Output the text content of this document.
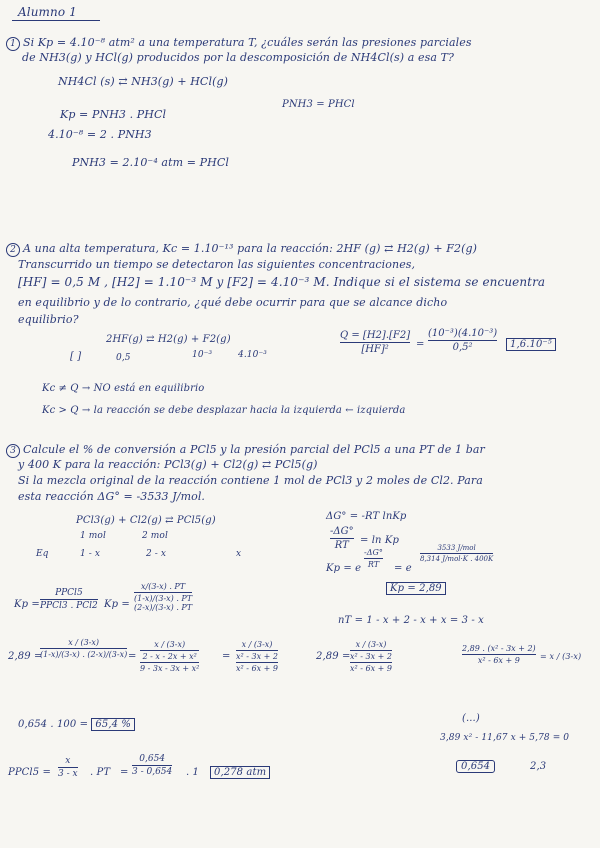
Alumno 1
1 Si Kp = 4.10⁻⁸ atm² a una temperatura T, ¿cuáles serán las presiones parciales
de NH3(g) y HCl(g) producidos por la descomposición de NH4Cl(s) a esa T?
NH4Cl (s) ⇄ NH3(g) + HCl(g)
PNH3 = PHCl
Kp = PNH3 . PHCl
4.10⁻⁸ = 2 . PNH3
PNH3 = 2.10⁻⁴ atm = PHCl
2 A una alta temperatura, Kc = 1.10⁻¹³ para la reacción: 2HF (g) ⇄ H2(g) + F2(g)
Transcurrido un tiempo se detectaron las siguientes concentraciones,
[HF] = 0,5 M , [H2] = 1.10⁻³ M y [F2] = 4.10⁻³ M. Indique si el sistema se encuentra
en equilibrio y de lo contrario, ¿qué debe ocurrir para que se alcance dicho
equilibrio?
2HF(g) ⇄ H2(g) + F2(g)
[ ]	0,5	10⁻³	4.10⁻³
Q = [H2].[F2]
[HF]²	=
(10⁻³)(4.10⁻³)
0,5²	1,6.10⁻⁵
Kc ≠ Q → NO está en equilibrio
Kc > Q → la reacción se debe desplazar hacia la izquierda ← izquierda
3 Calcule el % de conversión a PCl5 y la presión parcial del PCl5 a una PT de 1 bar
y 400 K para la reacción: PCl3(g) + Cl2(g) ⇄ PCl5(g)
Si la mezcla original de la reacción contiene 1 mol de PCl3 y 2 moles de Cl2. Para
esta reacción ΔG° = -3533 J/mol.
PCl3(g) + Cl2(g) ⇄ PCl5(g)
1 mol	2 mol
Eq	1 - x	2 - x	x
ΔG° = -RT lnKp
-ΔG°
RT	= ln Kp
Kp = e
-ΔG°
RT	= e
3533 J/mol
8,314 J/mol·K . 400K
Kp = 2,89
Kp =
PPCl5
PPCl3 . PCl2 Kp =
x/(3-x) . PT
(1-x)/(3-x) . PT
(2-x)/(3-x) . PT
nT = 1 - x + 2 - x + x = 3 - x
2,89 =
x / (3-x)
(1-x)/(3-x) . (2-x)/(3-x) =
x / (3-x)
2 - x - 2x + x²
9 - 3x - 3x + x²
=
x / (3-x)
x² - 3x + 2
x² - 6x + 9
2,89 =
x / (3-x)
x² - 3x + 2
x² - 6x + 9
2,89 . (x² - 3x + 2)
x² - 6x + 9	= x / (3-x)
(...)
3,89 x² - 11,67 x + 5,78 = 0
0,654	2,3
0,654 . 100 = 65,4 %
PPCl5 =
x
3 - x . PT =
0,654
3 - 0,654 . 1	0,278 atm
